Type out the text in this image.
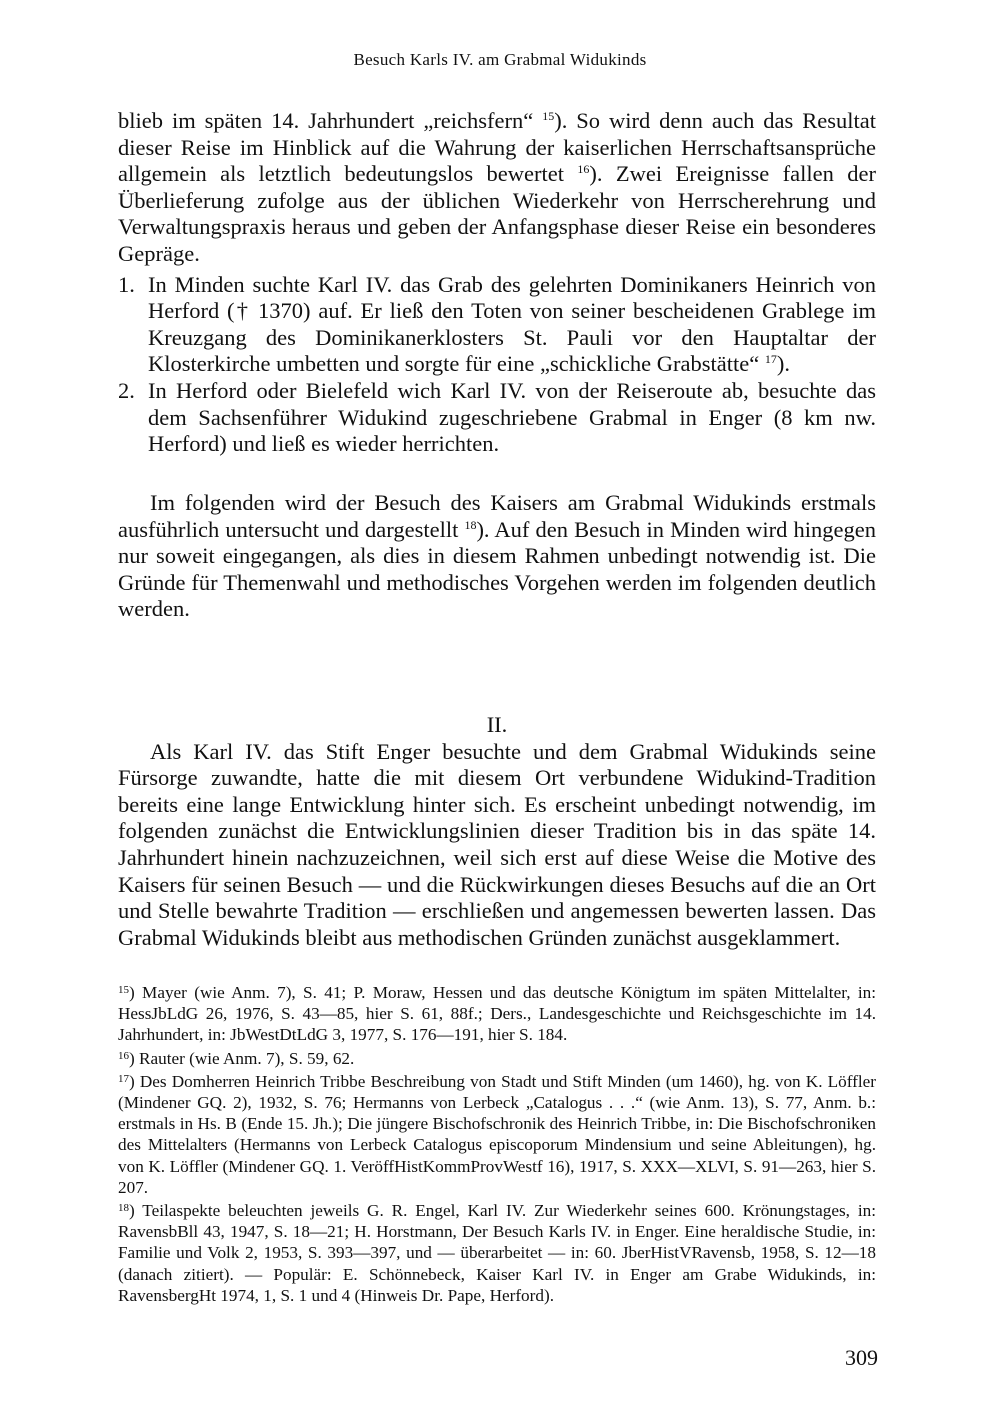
Besuch Karls IV. am Grabmal Widukinds

blieb im späten 14. Jahrhundert „reichsfern“ $^{15}$). So wird denn auch das Resultat dieser Reise im Hinblick auf die Wahrung der kaiserlichen Herrschaftsansprüche allgemein als letztlich bedeutungslos bewertet $^{16}$). Zwei Ereignisse fallen der Überlieferung zufolge aus der üblichen Wiederkehr von Herrscherehrung und Verwaltungspraxis heraus und geben der Anfangsphase dieser Reise ein besonderes Gepräge.

1. In Minden suchte Karl IV. das Grab des gelehrten Dominikaners Heinrich von Herford († 1370) auf. Er ließ den Toten von seiner bescheidenen Grablege im Kreuzgang des Dominikanerklosters St. Pauli vor den Hauptaltar der Klosterkirche umbetten und sorgte für eine „schickliche Grabstätte“ $^{17}$).
2. In Herford oder Bielefeld wich Karl IV. von der Reiseroute ab, besuchte das dem Sachsenführer Widukind zugeschriebene Grabmal in Enger (8 km nw. Herford) und ließ es wieder herrichten.

Im folgenden wird der Besuch des Kaisers am Grabmal Widukinds erstmals ausführlich untersucht und dargestellt $^{18}$). Auf den Besuch in Minden wird hingegen nur soweit eingegangen, als dies in diesem Rahmen unbedingt notwendig ist. Die Gründe für Themenwahl und methodisches Vorgehen werden im folgenden deutlich werden.

II.

Als Karl IV. das Stift Enger besuchte und dem Grabmal Widukinds seine Fürsorge zuwandte, hatte die mit diesem Ort verbundene Widukind-Tradition bereits eine lange Entwicklung hinter sich. Es erscheint unbedingt notwendig, im folgenden zunächst die Entwicklungslinien dieser Tradition bis in das späte 14. Jahrhundert hinein nachzuzeichnen, weil sich erst auf diese Weise die Motive des Kaisers für seinen Besuch — und die Rückwirkungen dieses Besuchs auf die an Ort und Stelle bewahrte Tradition — erschließen und angemessen bewerten lassen. Das Grabmal Widukinds bleibt aus methodischen Gründen zunächst ausgeklammert.

$^{15}$) Mayer (wie Anm. 7), S. 41; P. Moraw, Hessen und das deutsche Königtum im späten Mittelalter, in: HessJbLdG 26, 1976, S. 43—85, hier S. 61, 88f.; Ders., Landesgeschichte und Reichsgeschichte im 14. Jahrhundert, in: JbWestDtLdG 3, 1977, S. 176—191, hier S. 184.

$^{16}$) Rauter (wie Anm. 7), S. 59, 62.

$^{17}$) Des Domherren Heinrich Tribbe Beschreibung von Stadt und Stift Minden (um 1460), hg. von K. Löffler (Mindener GQ. 2), 1932, S. 76; Hermanns von Lerbeck „Catalogus . . .“ (wie Anm. 13), S. 77, Anm. b.: erstmals in Hs. B (Ende 15. Jh.); Die jüngere Bischofschronik des Heinrich Tribbe, in: Die Bischofschroniken des Mittelalters (Hermanns von Lerbeck Catalogus episcoporum Mindensium und seine Ableitungen), hg. von K. Löffler (Mindener GQ. 1. VeröffHistKommProvWestf 16), 1917, S. XXX—XLVI, S. 91—263, hier S. 207.

$^{18}$) Teilaspekte beleuchten jeweils G. R. Engel, Karl IV. Zur Wiederkehr seines 600. Krönungstages, in: RavensbBll 43, 1947, S. 18—21; H. Horstmann, Der Besuch Karls IV. in Enger. Eine heraldische Studie, in: Familie und Volk 2, 1953, S. 393—397, und — überarbeitet — in: 60. JberHistVRavensb, 1958, S. 12—18 (danach zitiert). — Populär: E. Schönnebeck, Kaiser Karl IV. in Enger am Grabe Widukinds, in: RavensbergHt 1974, 1, S. 1 und 4 (Hinweis Dr. Pape, Herford).

309
